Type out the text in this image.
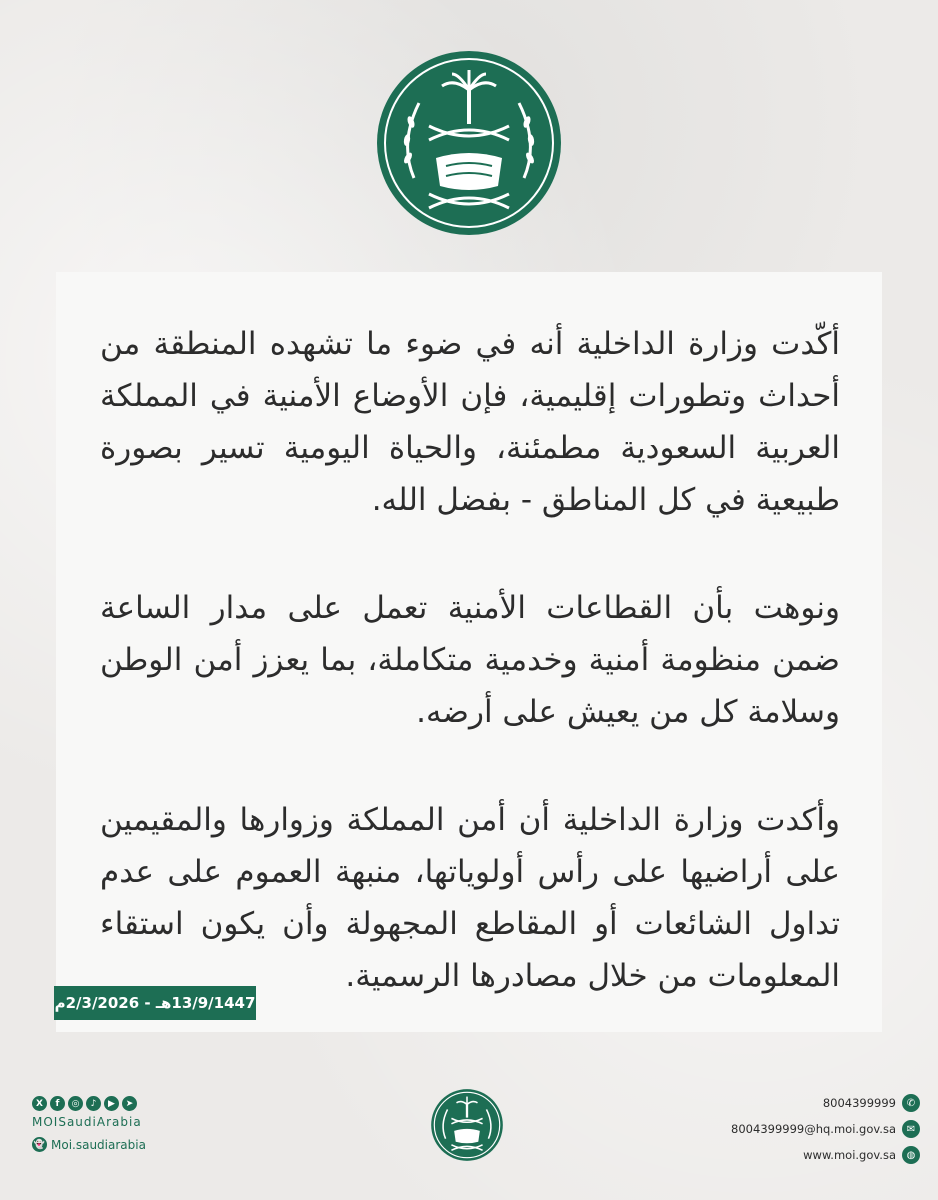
أكّدت وزارة الداخلية أنه في ضوء ما تشهده المنطقة من أحداث وتطورات إقليمية، فإن الأوضاع الأمنية في المملكة العربية السعودية مطمئنة، والحياة اليومية تسير بصورة طبيعية في كل المناطق - بفضل الله.

ونوهت بأن القطاعات الأمنية تعمل على مدار الساعة ضمن منظومة أمنية وخدمية متكاملة، بما يعزز أمن الوطن وسلامة كل من يعيش على أرضه.

وأكدت وزارة الداخلية أن أمن المملكة وزوارها والمقيمين على أراضيها على رأس أولوياتها، منبهة العموم على عدم تداول الشائعات أو المقاطع المجهولة وأن يكون استقاء المعلومات من خلال مصادرها الرسمية.

13/9/1447هـ - 2/3/2026م
X	f	◎	♪	▶	➤
MOISaudiArabia
👻 Moi.saudiarabia
8004399999	✆
8004399999@hq.moi.gov.sa	✉
www.moi.gov.sa	◍
